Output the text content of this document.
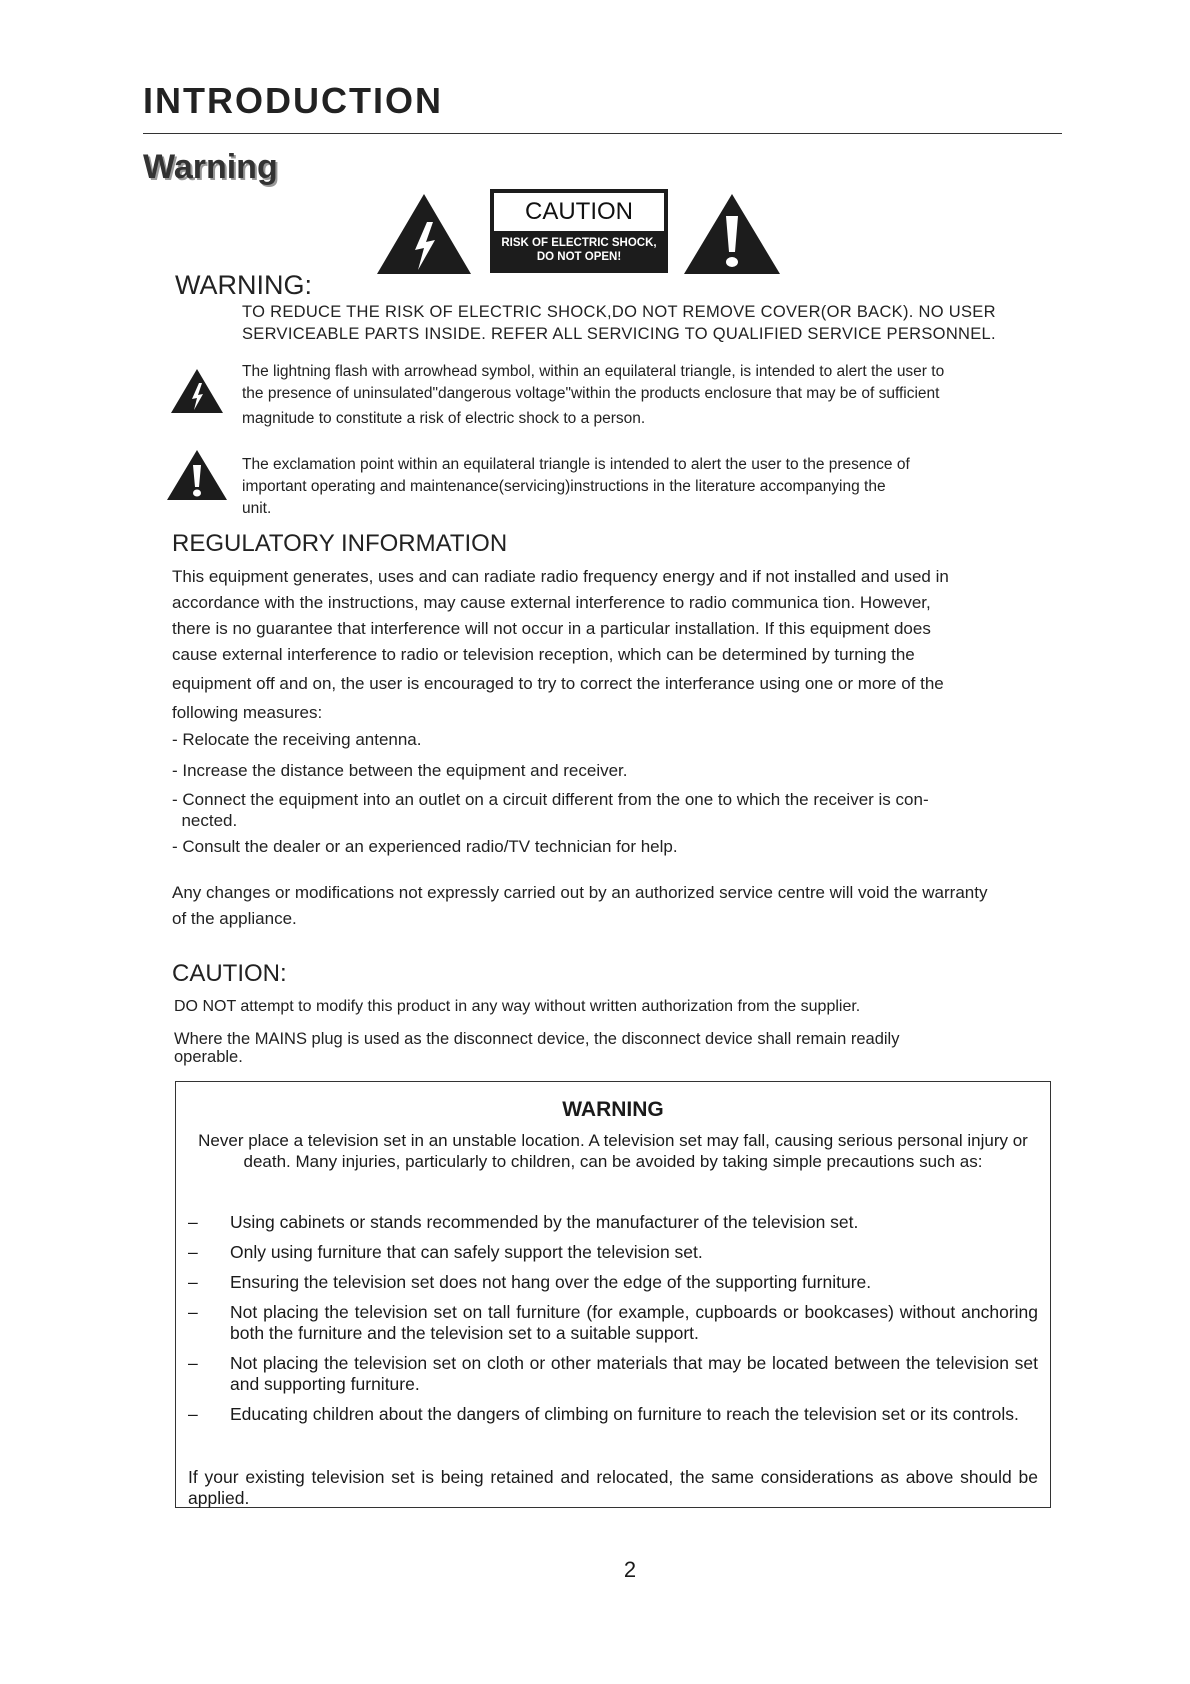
INTRODUCTION
Warning
CAUTION
RISK OF ELECTRIC SHOCK,
DO NOT OPEN!
WARNING:
TO REDUCE THE RISK OF ELECTRIC SHOCK,DO NOT REMOVE COVER(OR BACK). NO USER
SERVICEABLE PARTS INSIDE. REFER ALL SERVICING TO QUALIFIED SERVICE PERSONNEL.
The lightning flash with arrowhead symbol, within an equilateral triangle, is intended to alert the user to
the presence of uninsulated"dangerous voltage"within the products enclosure that may be of sufficient
magnitude to constitute a risk of electric shock to a person.
The exclamation point within an equilateral triangle is intended to alert the user to the presence of
important operating and maintenance(servicing)instructions in the literature accompanying the
unit.
REGULATORY INFORMATION
This equipment generates, uses and can radiate radio frequency energy and if not installed and used in
accordance with the instructions, may cause external interference to radio communica tion. However,
there is no guarantee that interference will not occur in a particular installation. If this equipment does
cause external interference to radio or television reception, which can be determined by turning the
equipment off and on, the user is encouraged to try to correct the interferance using one or more of the
following measures:
- Relocate the receiving antenna.
- Increase the distance between the equipment and receiver.
- Connect the equipment into an outlet on a circuit different from the one to which the receiver is con-
nected.
- Consult the dealer or an experienced radio/TV technician for help.
Any changes or modifications not expressly carried out by an authorized service centre will void the warranty
of the appliance.
CAUTION:
DO NOT attempt to modify this product in any way without written authorization from the supplier.
Where the MAINS plug is used as the disconnect device, the disconnect device shall remain readily
operable.
WARNING
Never place a television set in an unstable location. A television set may fall, causing serious personal injury or death. Many injuries, particularly to children, can be avoided by taking simple precautions such as:
–	Using cabinets or stands recommended by the manufacturer of the television set.
–	Only using furniture that can safely support the television set.
–	Ensuring the television set does not hang over the edge of the supporting furniture.
–	Not placing the television set on tall furniture (for example, cupboards or bookcases) without anchoring both the furniture and the television set to a suitable support.
–	Not placing the television set on cloth or other materials that may be located between the television set and supporting furniture.
–	Educating children about the dangers of climbing on furniture to reach the television set or its controls.
If your existing television set is being retained and relocated, the same considerations as above should be applied.
2
